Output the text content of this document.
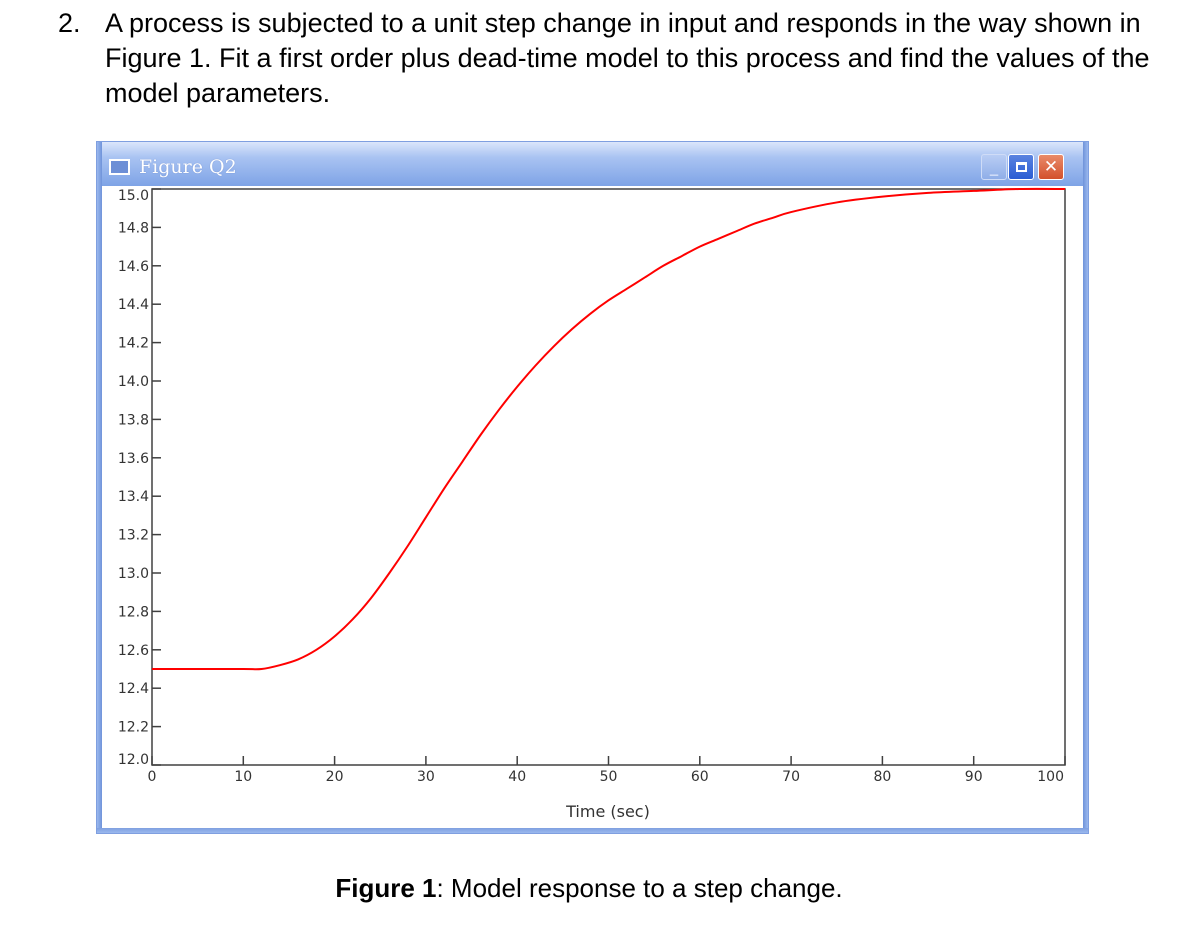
2. A process is subjected to a unit step change in input and responds in the way shown in Figure 1. Fit a first order plus dead-time model to this process and find the values of the model parameters.
Figure Q2	_	✕
15.0
14.8
14.6
14.4
14.2
14.0
13.8
13.6
13.4
13.2
13.0
12.8
12.6
12.4
12.2
12.0
0	10	20	30	40	50	60	70	80	90	100
Time (sec)
Figure 1: Model response to a step change.
